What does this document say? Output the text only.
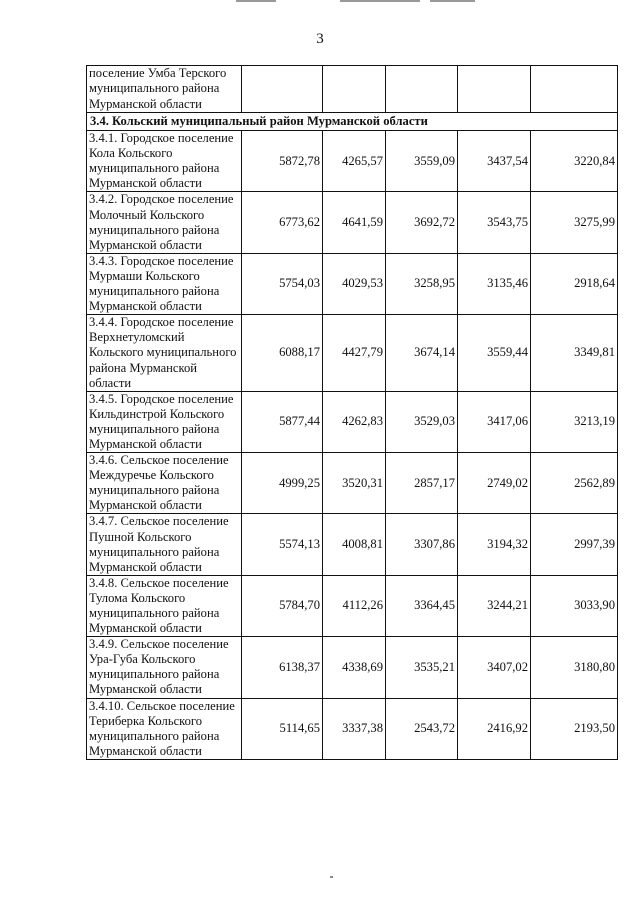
3
поселение Умба Терского муниципального района Мурманской области					
3.4. Кольский муниципальный район Мурманской области					
3.4.1. Городское поселение Кола Кольского муниципального района Мурманской области	5872,78	4265,57	3559,09	3437,54	3220,84
3.4.2. Городское поселение Молочный Кольского муниципального района Мурманской области	6773,62	4641,59	3692,72	3543,75	3275,99
3.4.3. Городское поселение Мурмаши Кольского муниципального района Мурманской области	5754,03	4029,53	3258,95	3135,46	2918,64
3.4.4. Городское поселение Верхнетуломский Кольского муниципального района Мурманской области	6088,17	4427,79	3674,14	3559,44	3349,81
3.4.5. Городское поселение Кильдинстрой Кольского муниципального района Мурманской области	5877,44	4262,83	3529,03	3417,06	3213,19
3.4.6. Сельское поселение Междуречье Кольского муниципального района Мурманской области	4999,25	3520,31	2857,17	2749,02	2562,89
3.4.7. Сельское поселение Пушной Кольского муниципального района Мурманской области	5574,13	4008,81	3307,86	3194,32	2997,39
3.4.8. Сельское поселение Тулома Кольского муниципального района Мурманской области	5784,70	4112,26	3364,45	3244,21	3033,90
3.4.9. Сельское поселение Ура-Губа Кольского муниципального района Мурманской области	6138,37	4338,69	3535,21	3407,02	3180,80
3.4.10. Сельское поселение Териберка Кольского муниципального района Мурманской области	5114,65	3337,38	2543,72	2416,92	2193,50
